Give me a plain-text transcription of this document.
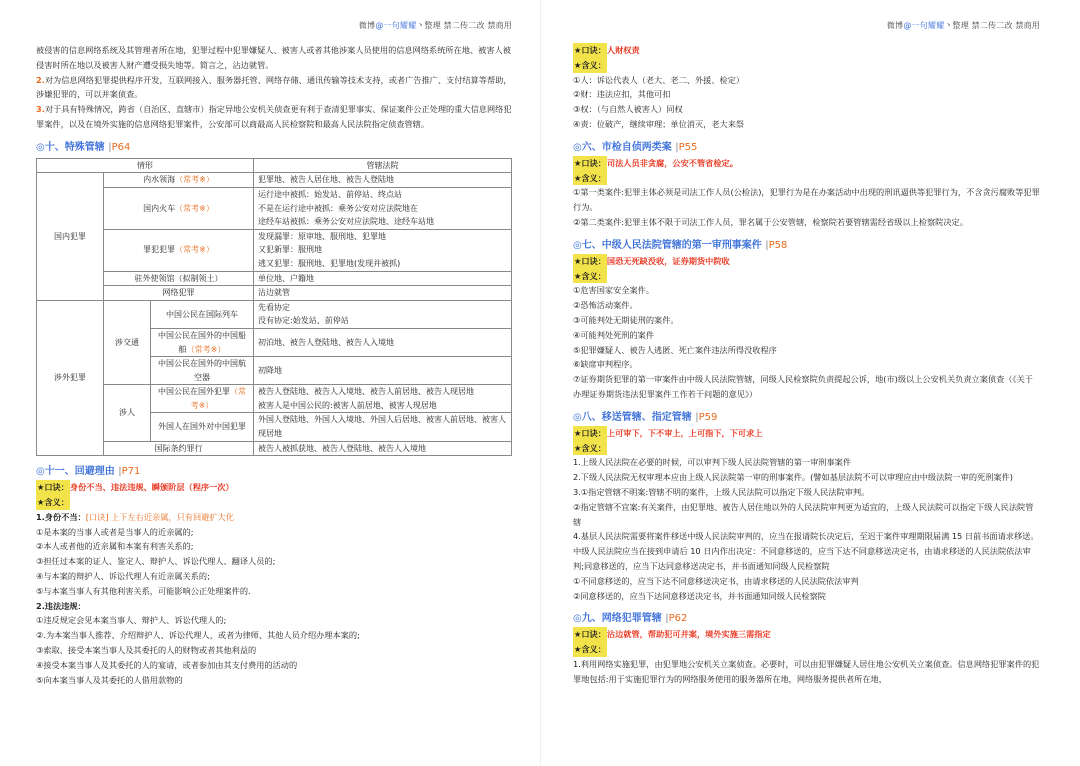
微博@一句耀耀丶整理 禁二传二改 禁商用
被侵害的信息网络系统及其管理者所在地，犯罪过程中犯罪嫌疑人、被害人或者其他涉案人员使用的信息网络系统所在地、被害人被侵害时所在地以及被害人财产遭受损失地等。简言之，沾边就管。
2.对为信息网络犯罪提供程序开发，互联网接入、服务器托管、网络存储、通讯传输等技术支持，或者广告推广、支付结算等帮助，涉嫌犯罪的，可以并案侦查。
3.对于具有特殊情况，跨省（自治区、直辖市）指定异地公安机关侦查更有利于查清犯罪事实、保证案件公正处理的重大信息网络犯罪案件，以及在境外实施的信息网络犯罪案件，公安部可以商最高人民检察院和最高人民法院指定侦查管辖。
◎十、特殊管辖 |P64
情形			管辖法院
国内犯罪	内水领海（常考※）		犯罪地、被告人居住地、被告人登陆地
	国内火车（常考※）		运行途中被抓：始发站、前停站、终点站
不是在运行途中被抓：乘务公安对应法院地在
途经车站被抓：乘务公安对应法院地、途经车站地

	罪犯犯罪（常考※）		发现漏罪：原审地、服刑地、犯罪地
又犯新罪：服刑地
逃又犯罪：服刑地、犯罪地(发现并被抓)

	驻外使领馆（拟制领土）		单位地、户籍地
	网络犯罪		沾边就管
涉外犯罪	涉交通	中国公民在国际列车	先看协定
没有协定:始发站、前停站

		中国公民在国外的中国船舶（常考※）	初泊地、被告人登陆地、被告人入境地
		中国公民在国外的中国航空器	初降地
	涉人	中国公民在国外犯罪（常考※）	被告人登陆地、被告人入境地、被告人前居地、被告人现居地
被害人是中国公民的:被害人前居地、被害人现居地

		外国人在国外对中国犯罪	外国人登陆地、外国人入境地、外国人后居地、被害人前居地、被害人现居地
	国际条约罪行		被告人被抓获地、被告人登陆地、被告人入境地
◎十一、回避理由 |P71
★口诀：身份不当、违法违规、瞬颁阶层（程序一次）
★含义：
1.身份不当：[口诀] 上下左右近亲属，只有回避扩大化
①是本案的当事人或者是当事人的近亲属的;
②本人或者他的近亲属和本案有利害关系的;
③担任过本案的证人、鉴定人、辩护人、诉讼代理人、翻译人员的;
④与本案的辩护人、诉讼代理人有近亲属关系的;
⑤与本案当事人有其他利害关系，可能影响公正处理案件的.
2.违法违规：
①违反规定会见本案当事人、辩护人、诉讼代理人的;
②.为本案当事人推荐、介绍辩护人、诉讼代理人，或者为律师、其他人员介绍办理本案的;
③索取、接受本案当事人及其委托的人的财物或者其他利益的
④接受本案当事人及其委托的人的宴请，或者参加由其支付费用的活动的
⑤向本案当事人及其委托的人借用款物的
微博@一句耀耀丶整理 禁二传二改 禁商用
★口诀：人财权责
★含义：
①人：诉讼代表人（老大、老二、外援、检定）
②财：违法应扣，其他可扣
③权：（与自然人被害人）同权
④责：位破产，继续审理；单位消灭，老大来祭
◎六、市检自侦两类案 |P55
★口诀：司法人员非贪腐，公安不管省检定。
★含义：
①第一类案件:犯罪主体必须是司法工作人员(公检法)，犯罪行为是在办案活动中出现的刑讯逼供等犯罪行为，不含贪污腐败等犯罪行为。
②第二类案件:犯罪主体不限于司法工作人员，罪名属于公安管辖，检察院若要管辖需经省级以上检察院决定。
◎七、中级人民法院管辖的第一审刑事案件 |P58
★口诀：国恐无死缺没收，证券期货中院收
★含义：
①危害国家安全案件。
②恐怖活动案件。
③可能判处无期徒刑的案件。
④可能判处死刑的案件
⑤犯罪嫌疑人、被告人逃匿、死亡案件违法所得没收程序
⑥缺席审判程序。
⑦证券期货犯罪的第一审案件由中级人民法院管辖，同级人民检察院负责提起公诉，地(市)级以上公安机关负责立案侦查（《关于办理证券期货违法犯罪案件工作若干问题的意见》）
◎八、移送管辖、指定管辖 |P59
★口诀：上可审下，下不审上，上可指下，下可求上
★含义：
1.上级人民法院在必要的时候，可以审判下级人民法院管辖的第一审刑事案件
2.下级人民法院无权审理本应由上级人民法院第一审的刑事案件。(譬如基层法院不可以审理应由中级法院一审的死刑案件)
3.①指定管辖不明案:管辖不明的案件，上级人民法院可以指定下级人民法院审判。
②指定管辖不宜案:有关案件，由犯罪地、被告人居住地以外的人民法院审判更为适宜的，上级人民法院可以指定下级人民法院管辖
4.基层人民法院需要将案件移送中级人民法院审判的，应当在报请院长决定后，至迟于案件审理期限届满 15 日前书面请求移送。中级人民法院应当在接到申请后 10 日内作出决定：不同意移送的，应当下达不同意移送决定书，由请求移送的人民法院依法审判;同意移送的，应当下达同意移送决定书，并书面通知同级人民检察院
①不同意移送的，应当下达不同意移送决定书，由请求移送的人民法院依法审判
②同意移送的，应当下达同意移送决定书，并书面通知同级人民检察院
◎九、网络犯罪管辖 |P62
★口诀：沾边就管，帮助犯可并案，境外实施三需指定
★含义：
1.利用网络实施犯罪，由犯罪地公安机关立案侦查。必要时，可以由犯罪嫌疑人居住地公安机关立案侦查。信息网络犯罪案件的犯罪地包括:用于实施犯罪行为的网络服务使用的服务器所在地，网络服务提供者所在地，
